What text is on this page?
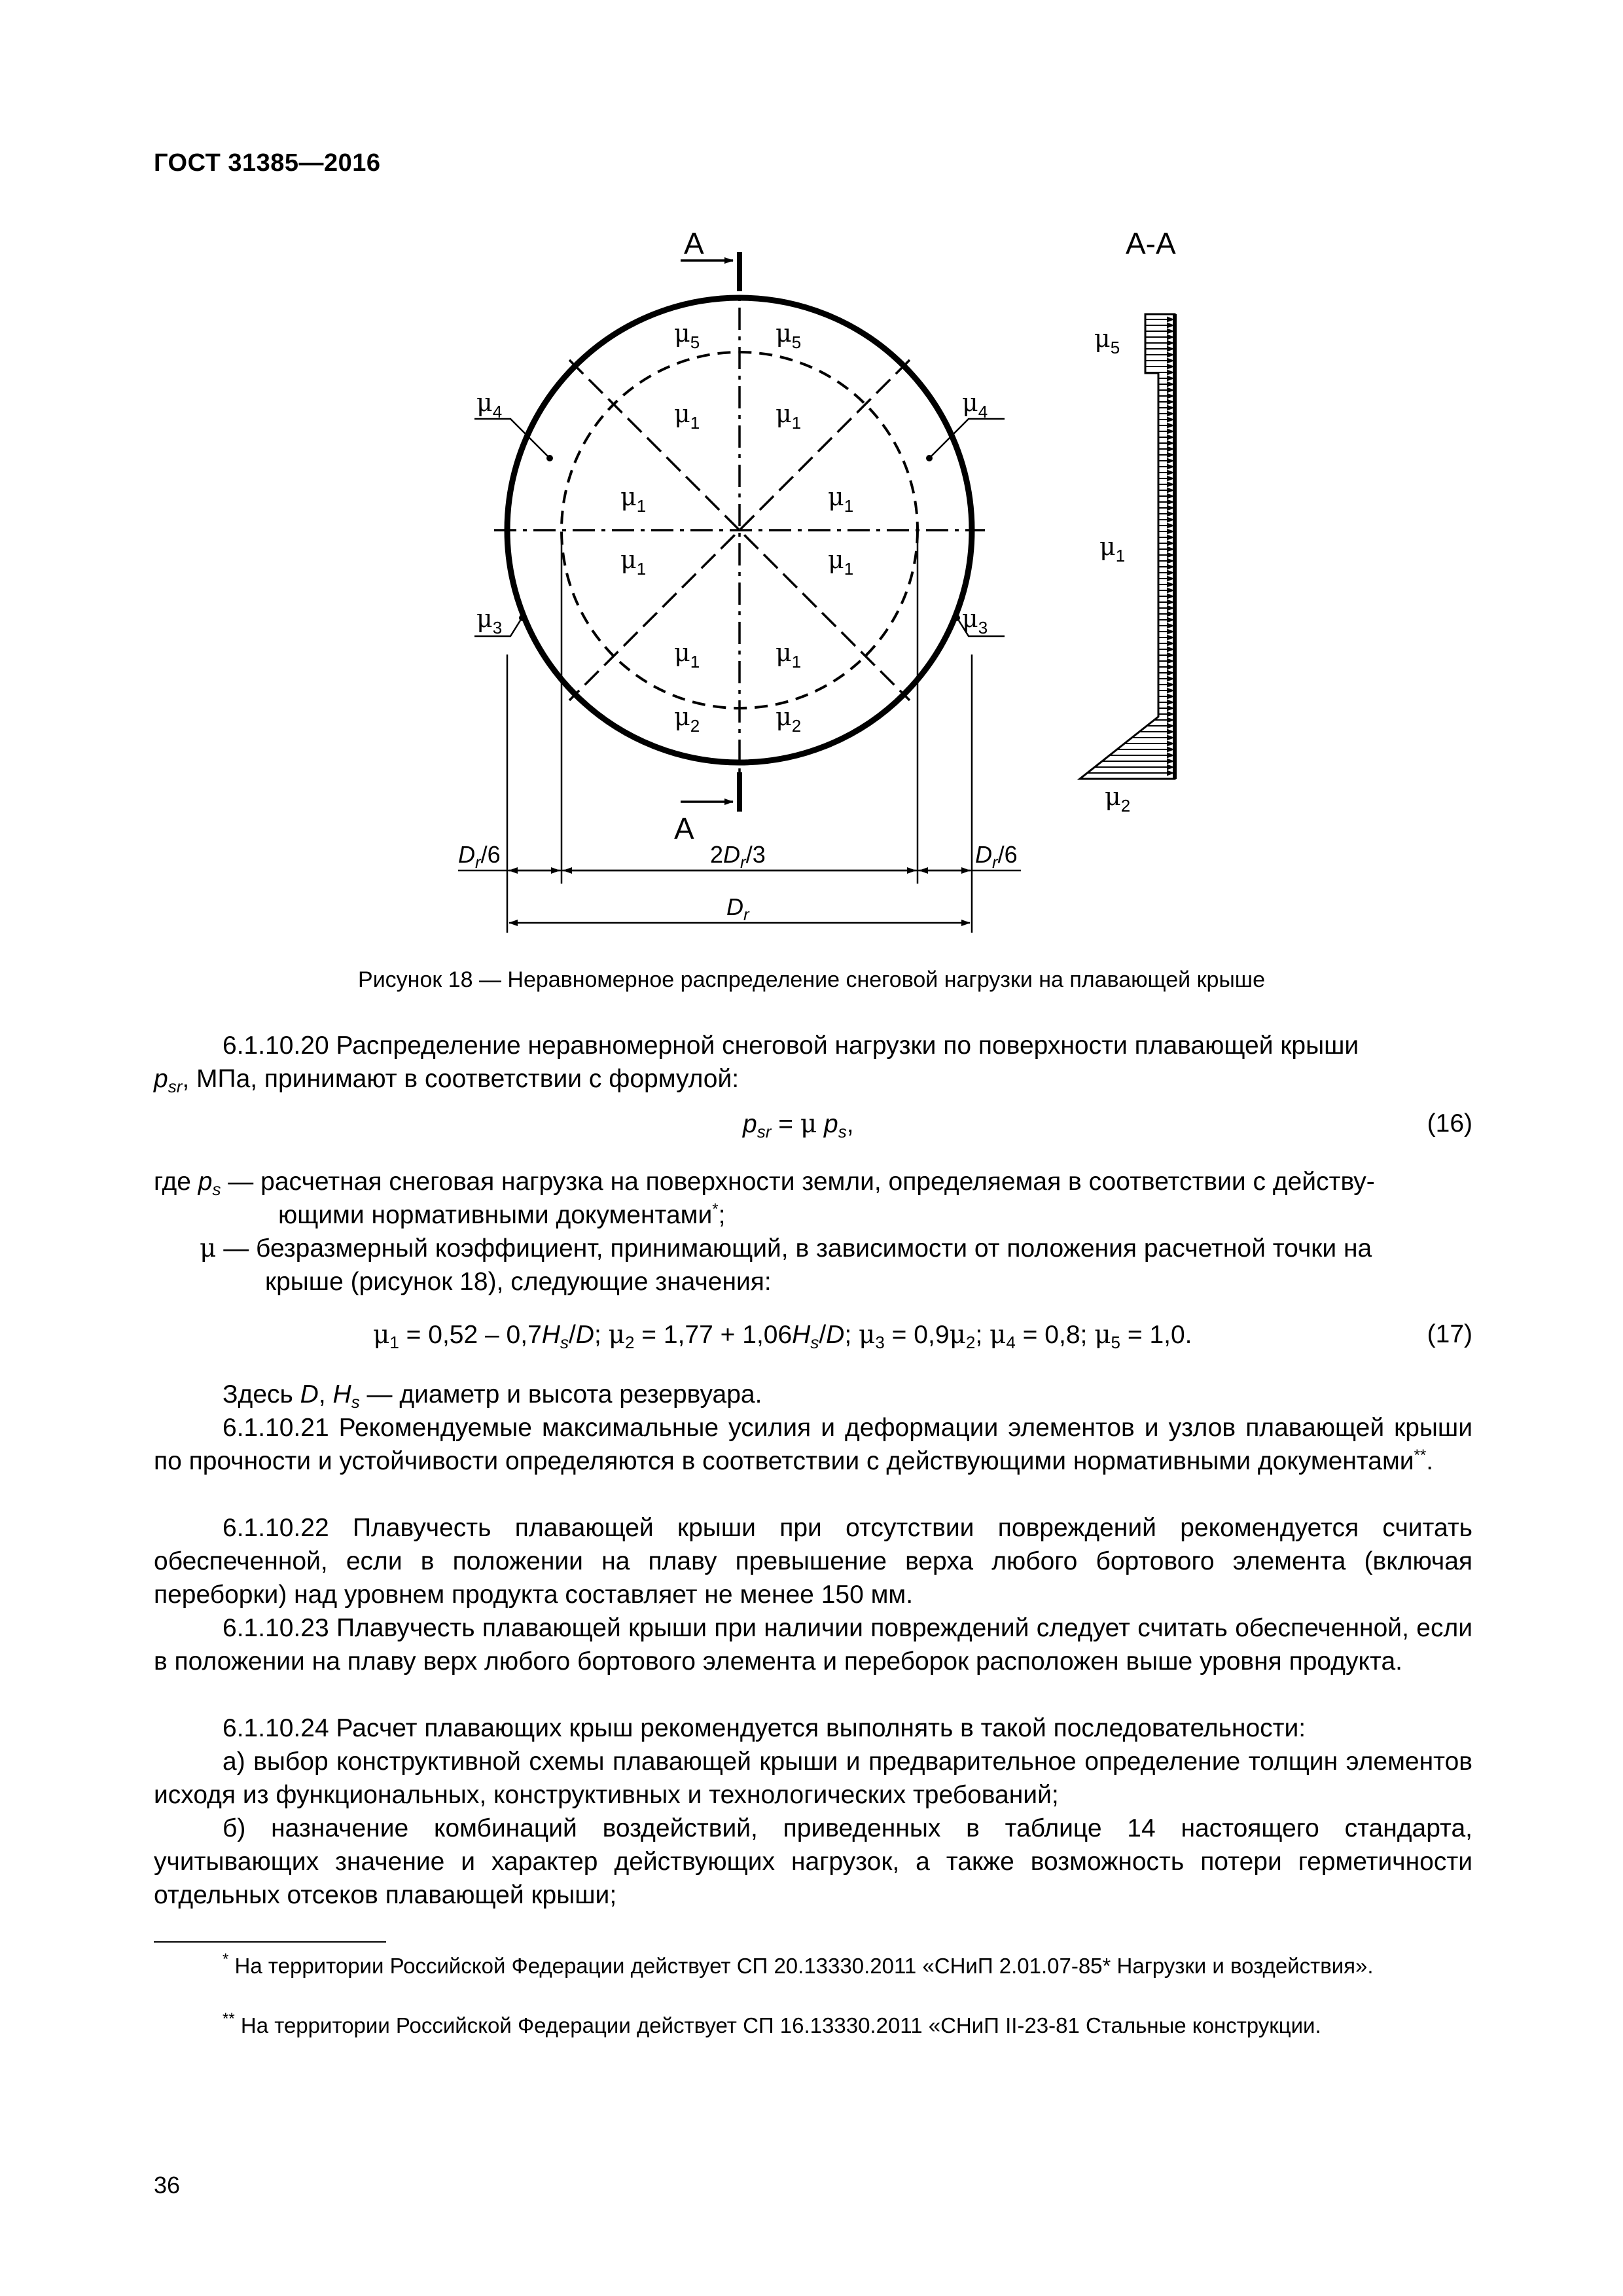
ГОСТ 31385—2016
А
А
$\mu_5$	$\mu_5$
$\mu_1$	$\mu_1$
$\mu_1$	$\mu_1$
$\mu_1$	$\mu_1$
$\mu_1$	$\mu_1$
$\mu_2$	$\mu_2$
$\mu_4$	$\mu_4$
$\mu_3$	$\mu_3$
$D_r/6$	$2D_r/3$	$D_r/6$
$D_r$
А-А
$\mu_5$
$\mu_1$
$\mu_2$
Рисунок 18 — Неравномерное распределение снеговой нагрузки на плавающей крыше
6.1.10.20 Распределение неравномерной снеговой нагрузки по поверхности плавающей крыши
$p_{sr}$, МПа, принимают в соответствии с формулой:
$p_{sr} = \mu$ $p_s$,	(16)
где $p_s$ — расчетная снеговая нагрузка на поверхности земли, определяемая в соответствии с действу-
ющими нормативными документами*;
μ — безразмерный коэффициент, принимающий, в зависимости от положения расчетной точки на
крыше (рисунок 18), следующие значения:
$\mu_1 = 0,52 - 0,7H_s/D$; $\mu_2 = 1,77 + 1,06H_s/D$; $\mu_3 = 0,9\mu_2$; $\mu_4 = 0,8$; $\mu_5 = 1,0$.	(17)
Здесь D, $H_s$ — диаметр и высота резервуара.
6.1.10.21 Рекомендуемые максимальные усилия и деформации элементов и узлов плавающей крыши по прочности и устойчивости определяются в соответствии с действующими нормативными документами**.
6.1.10.22 Плавучесть плавающей крыши при отсутствии повреждений рекомендуется считать обеспеченной, если в положении на плаву превышение верха любого бортового элемента (включая переборки) над уровнем продукта составляет не менее 150 мм.
6.1.10.23 Плавучесть плавающей крыши при наличии повреждений следует считать обеспеченной, если в положении на плаву верх любого бортового элемента и переборок расположен выше уровня продукта.
6.1.10.24 Расчет плавающих крыш рекомендуется выполнять в такой последовательности:
а) выбор конструктивной схемы плавающей крыши и предварительное определение толщин элементов исходя из функциональных, конструктивных и технологических требований;
б) назначение комбинаций воздействий, приведенных в таблице 14 настоящего стандарта, учитывающих значение и характер действующих нагрузок, а также возможность потери герметичности отдельных отсеков плавающей крыши;
* На территории Российской Федерации действует СП 20.13330.2011 «СНиП 2.01.07-85* Нагрузки и воздействия».
** На территории Российской Федерации действует СП 16.13330.2011 «СНиП II-23-81 Стальные конструкции.
36
